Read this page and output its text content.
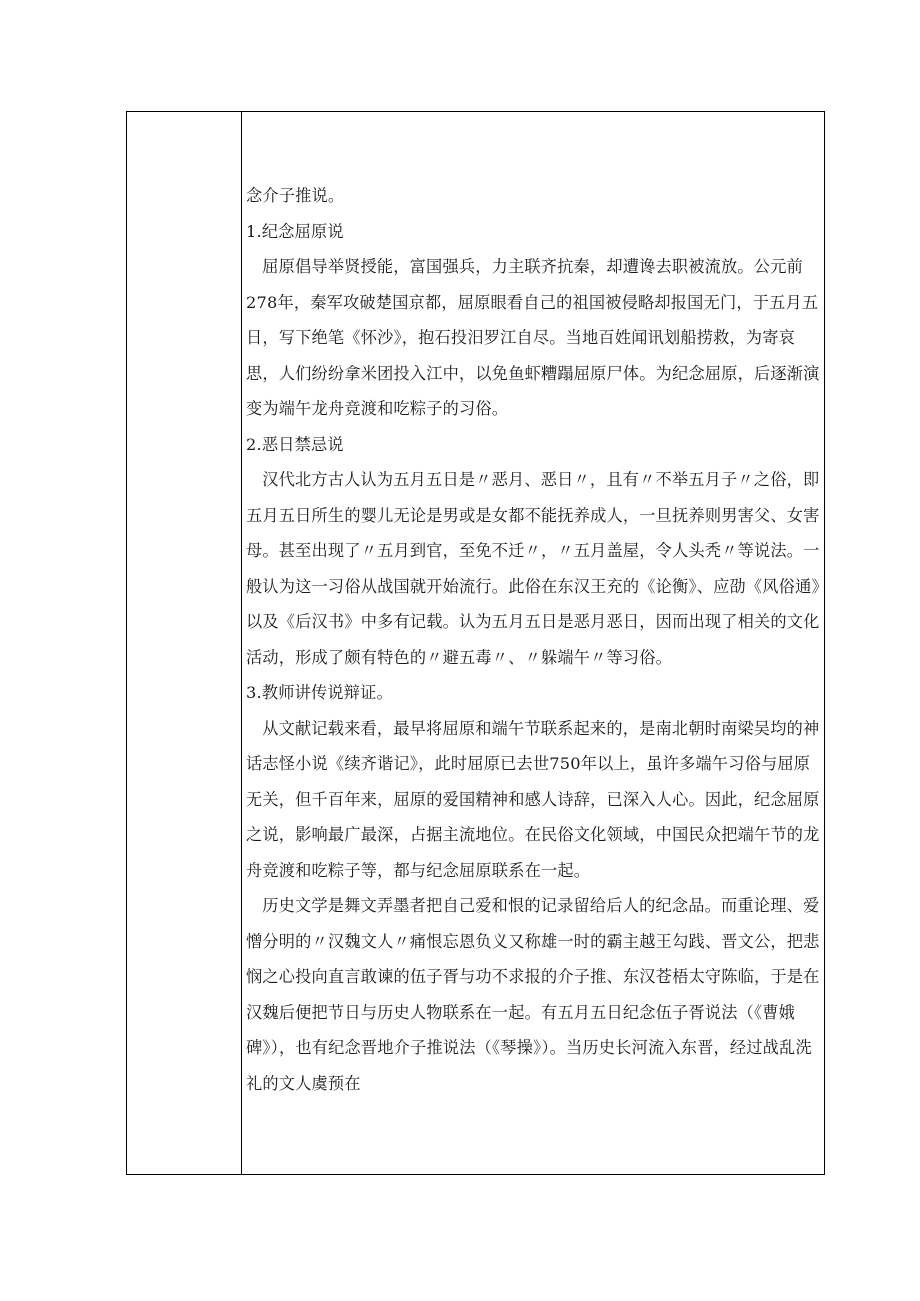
念介子推说。

1.纪念屈原说

屈原倡导举贤授能，富国强兵，力主联齐抗秦，却遭谗去职被流放。公元前278年，秦军攻破楚国京都，屈原眼看自己的祖国被侵略却报国无门，于五月五日，写下绝笔《怀沙》，抱石投汨罗江自尽。当地百姓闻讯划船捞救，为寄哀思，人们纷纷拿米团投入江中，以免鱼虾糟蹋屈原尸体。为纪念屈原，后逐渐演变为端午龙舟竞渡和吃粽子的习俗。

2.恶日禁忌说

汉代北方古人认为五月五日是〃恶月、恶日〃，且有〃不举五月子〃之俗，即五月五日所生的婴儿无论是男或是女都不能抚养成人，一旦抚养则男害父、女害母。甚至出现了〃五月到官，至免不迁〃，〃五月盖屋，令人头秃〃等说法。一般认为这一习俗从战国就开始流行。此俗在东汉王充的《论衡》、应劭《风俗通》以及《后汉书》中多有记载。认为五月五日是恶月恶日，因而出现了相关的文化活动，形成了颇有特色的〃避五毒〃、〃躲端午〃等习俗。

3.教师讲传说辩证。

从文献记载来看，最早将屈原和端午节联系起来的，是南北朝时南梁吴均的神话志怪小说《续齐谐记》，此时屈原已去世750年以上，虽许多端午习俗与屈原无关，但千百年来，屈原的爱国精神和感人诗辞，已深入人心。因此，纪念屈原之说，影响最广最深，占据主流地位。在民俗文化领域，中国民众把端午节的龙舟竞渡和吃粽子等，都与纪念屈原联系在一起。

历史文学是舞文弄墨者把自己爱和恨的记录留给后人的纪念品。而重论理、爱憎分明的〃汉魏文人〃痛恨忘恩负义又称雄一时的霸主越王勾践、晋文公，把悲悯之心投向直言敢谏的伍子胥与功不求报的介子推、东汉苍梧太守陈临，于是在汉魏后便把节日与历史人物联系在一起。有五月五日纪念伍子胥说法（《曹娥碑》），也有纪念晋地介子推说法（《琴操》）。当历史长河流入东晋，经过战乱洗礼的文人虞预在
